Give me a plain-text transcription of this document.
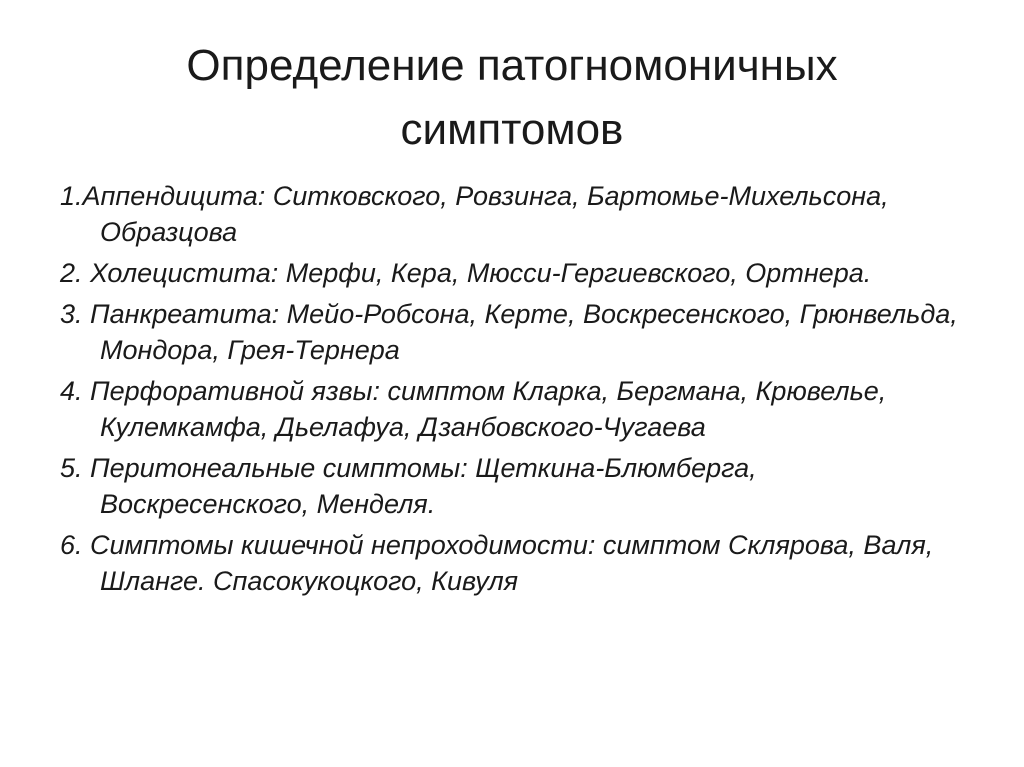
Определение патогномоничных
симптомов
1.Аппендицита: Ситковского, Ровзинга, Бартомье-Михельсона, Образцова
2. Холецистита: Мерфи, Кера, Мюсси-Гергиевского, Ортнера.
3. Панкреатита: Мейо-Робсона, Керте, Воскресенского, Грюнвельда, Мондора, Грея-Тернера
4. Перфоративной язвы: симптом Кларка, Бергмана, Крювелье, Кулемкамфа, Дьелафуа, Дзанбовского-Чугаева
5. Перитонеальные симптомы: Щеткина-Блюмберга, Воскресенского, Менделя.
6. Симптомы кишечной непроходимости: симптом Склярова, Валя, Шланге. Спасокукоцкого, Кивуля
